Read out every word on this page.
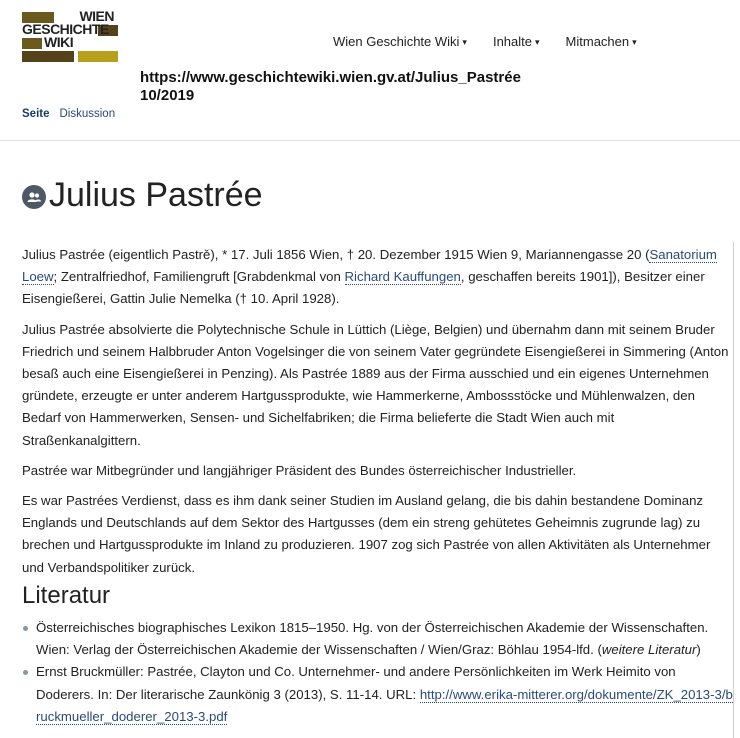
WIEN
GESCHICHTE
WIKI	Wien Geschichte Wiki ▾ Inhalte ▾ Mitmachen ▾
https://www.geschichtewiki.wien.gv.at/Julius_Pastrée
10/2019
Seite Diskussion
Julius Pastrée

Julius Pastrée (eigentlich Pastrě), * 17. Juli 1856 Wien, † 20. Dezember 1915 Wien 9, Mariannengasse 20 (Sanatorium Loew; Zentralfriedhof, Familiengruft [Grabdenkmal von Richard Kauffungen, geschaffen bereits 1901]), Besitzer einer Eisengießerei, Gattin Julie Nemelka († 10. April 1928).

Julius Pastrée absolvierte die Polytechnische Schule in Lüttich (Liège, Belgien) und übernahm dann mit seinem Bruder Friedrich und seinem Halbbruder Anton Vogelsinger die von seinem Vater gegründete Eisengießerei in Simmering (Anton besaß auch eine Eisengießerei in Penzing). Als Pastrée 1889 aus der Firma ausschied und ein eigenes Unternehmen gründete, erzeugte er unter anderem Hartgussprodukte, wie Hammerkerne, Ambossstöcke und Mühlenwalzen, den Bedarf von Hammerwerken, Sensen- und Sichelfabriken; die Firma belieferte die Stadt Wien auch mit Straßenkanalgittern.

Pastrée war Mitbegründer und langjähriger Präsident des Bundes österreichischer Industrieller.

Es war Pastrées Verdienst, dass es ihm dank seiner Studien im Ausland gelang, die bis dahin bestandene Dominanz Englands und Deutschlands auf dem Sektor des Hartgusses (dem ein streng gehütetes Geheimnis zugrunde lag) zu brechen und Hartgussprodukte im Inland zu produzieren. 1907 zog sich Pastrée von allen Aktivitäten als Unternehmer und Verbandspolitiker zurück.

Literatur
Österreichisches biographisches Lexikon 1815–1950. Hg. von der Österreichischen Akademie der Wissenschaften. Wien: Verlag der Österreichischen Akademie der Wissenschaften / Wien/Graz: Böhlau 1954-lfd. (weitere Literatur)
Ernst Bruckmüller: Pastrée, Clayton und Co. Unternehmer- und andere Persönlichkeiten im Werk Heimito von Doderers. In: Der literarische Zaunkönig 3 (2013), S. 11-14. URL: http://www.erika-mitterer.org/dokumente/ZK_2013-3/bruckmueller_doderer_2013-3.pdf
